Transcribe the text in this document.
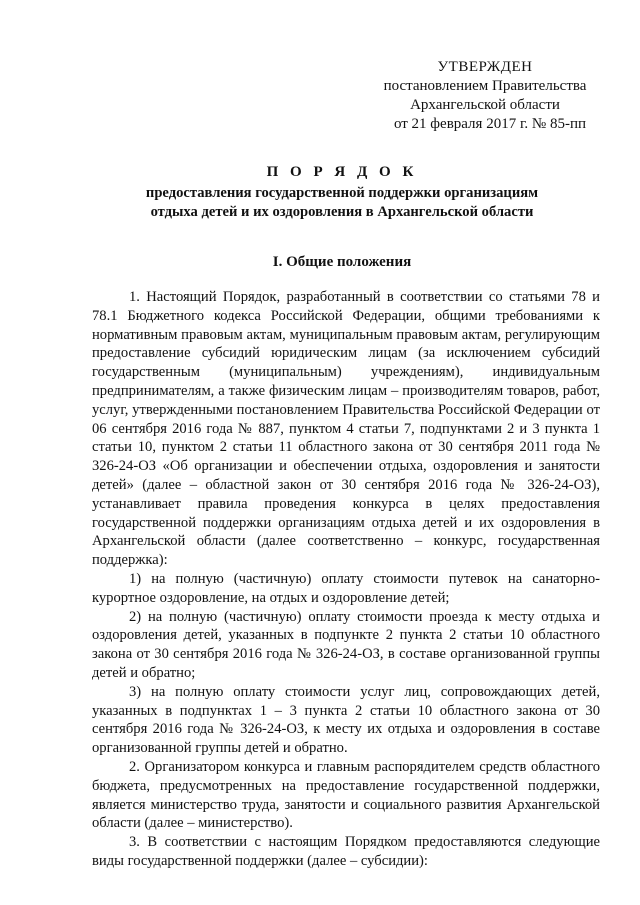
УТВЕРЖДЕН
постановлением Правительства
Архангельской области
от 21 февраля 2017 г. № 85-пп
П О Р Я Д О К
предоставления государственной поддержки организациям
отдыха детей и их оздоровления в Архангельской области
I. Общие положения

1. Настоящий Порядок, разработанный в соответствии со статьями 78 и 78.1 Бюджетного кодекса Российской Федерации, общими требованиями к нормативным правовым актам, муниципальным правовым актам, регулирующим предоставление субсидий юридическим лицам (за исключением субсидий государственным (муниципальным) учреждениям), индивидуальным предпринимателям, а также физическим лицам – производителям товаров, работ, услуг, утвержденными постановлением Правительства Российской Федерации от 06 сентября 2016 года № 887, пунктом 4 статьи 7, подпунктами 2 и 3 пункта 1 статьи 10, пунктом 2 статьи 11 областного закона от 30 сентября 2011 года № 326-24-ОЗ «Об организации и обеспечении отдыха, оздоровления и занятости детей» (далее – областной закон от 30 сентября 2016 года № 326-24-ОЗ), устанавливает правила проведения конкурса в целях предоставления государственной поддержки организациям отдыха детей и их оздоровления в Архангельской области (далее соответственно – конкурс, государственная поддержка):

1) на полную (частичную) оплату стоимости путевок на санаторно-курортное оздоровление, на отдых и оздоровление детей;

2) на полную (частичную) оплату стоимости проезда к месту отдыха и оздоровления детей, указанных в подпункте 2 пункта 2 статьи 10 областного закона от 30 сентября 2016 года № 326-24-ОЗ, в составе организованной группы детей и обратно;

3) на полную оплату стоимости услуг лиц, сопровождающих детей, указанных в подпунктах 1 – 3 пункта 2 статьи 10 областного закона от 30 сентября 2016 года № 326-24-ОЗ, к месту их отдыха и оздоровления в составе организованной группы детей и обратно.

2. Организатором конкурса и главным распорядителем средств областного бюджета, предусмотренных на предоставление государственной поддержки, является министерство труда, занятости и социального развития Архангельской области (далее – министерство).

3. В соответствии с настоящим Порядком предоставляются следующие виды государственной поддержки (далее – субсидии):
